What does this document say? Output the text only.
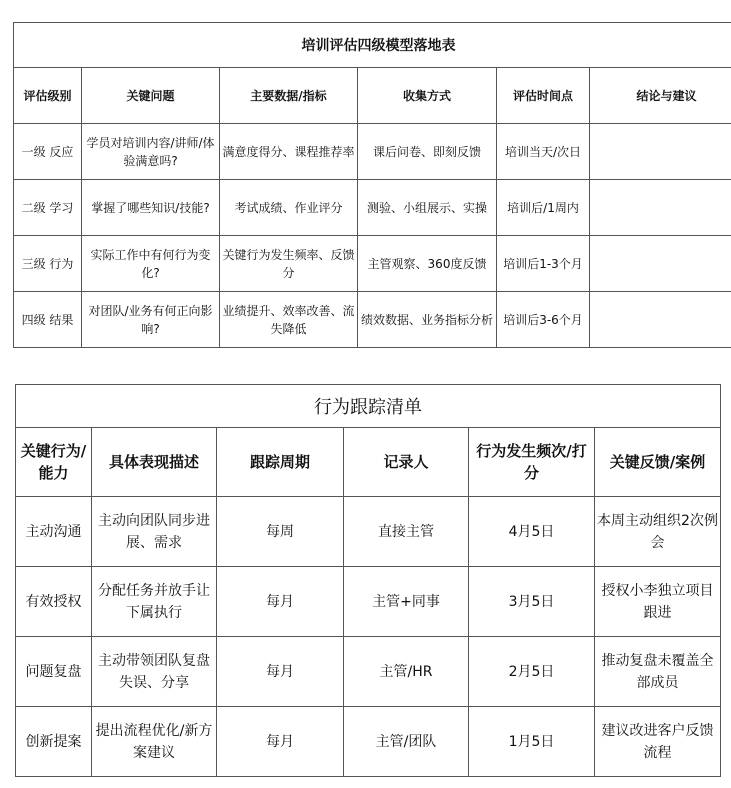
培训评估四级模型落地表					
评估级别	关键问题	主要数据/指标	收集方式	评估时间点	结论与建议
一级 反应	学员对培训内容/讲师/体验满意吗?	满意度得分、课程推荐率	课后问卷、即刻反馈	培训当天/次日	
二级 学习	掌握了哪些知识/技能?	考试成绩、作业评分	测验、小组展示、实操	培训后/1周内	
三级 行为	实际工作中有何行为变化?	关键行为发生频率、反馈分	主管观察、360度反馈	培训后1-3个月	
四级 结果	对团队/业务有何正向影响?	业绩提升、效率改善、流失降低	绩效数据、业务指标分析	培训后3-6个月	
行为跟踪清单					
关键行为/能力	具体表现描述	跟踪周期	记录人	行为发生频次/打分	关键反馈/案例
主动沟通	主动向团队同步进展、需求	每周	直接主管	4月5日	本周主动组织2次例会
有效授权	分配任务并放手让下属执行	每月	主管+同事	3月5日	授权小李独立项目跟进
问题复盘	主动带领团队复盘失误、分享	每月	主管/HR	2月5日	推动复盘未覆盖全部成员
创新提案	提出流程优化/新方案建议	每月	主管/团队	1月5日	建议改进客户反馈流程
